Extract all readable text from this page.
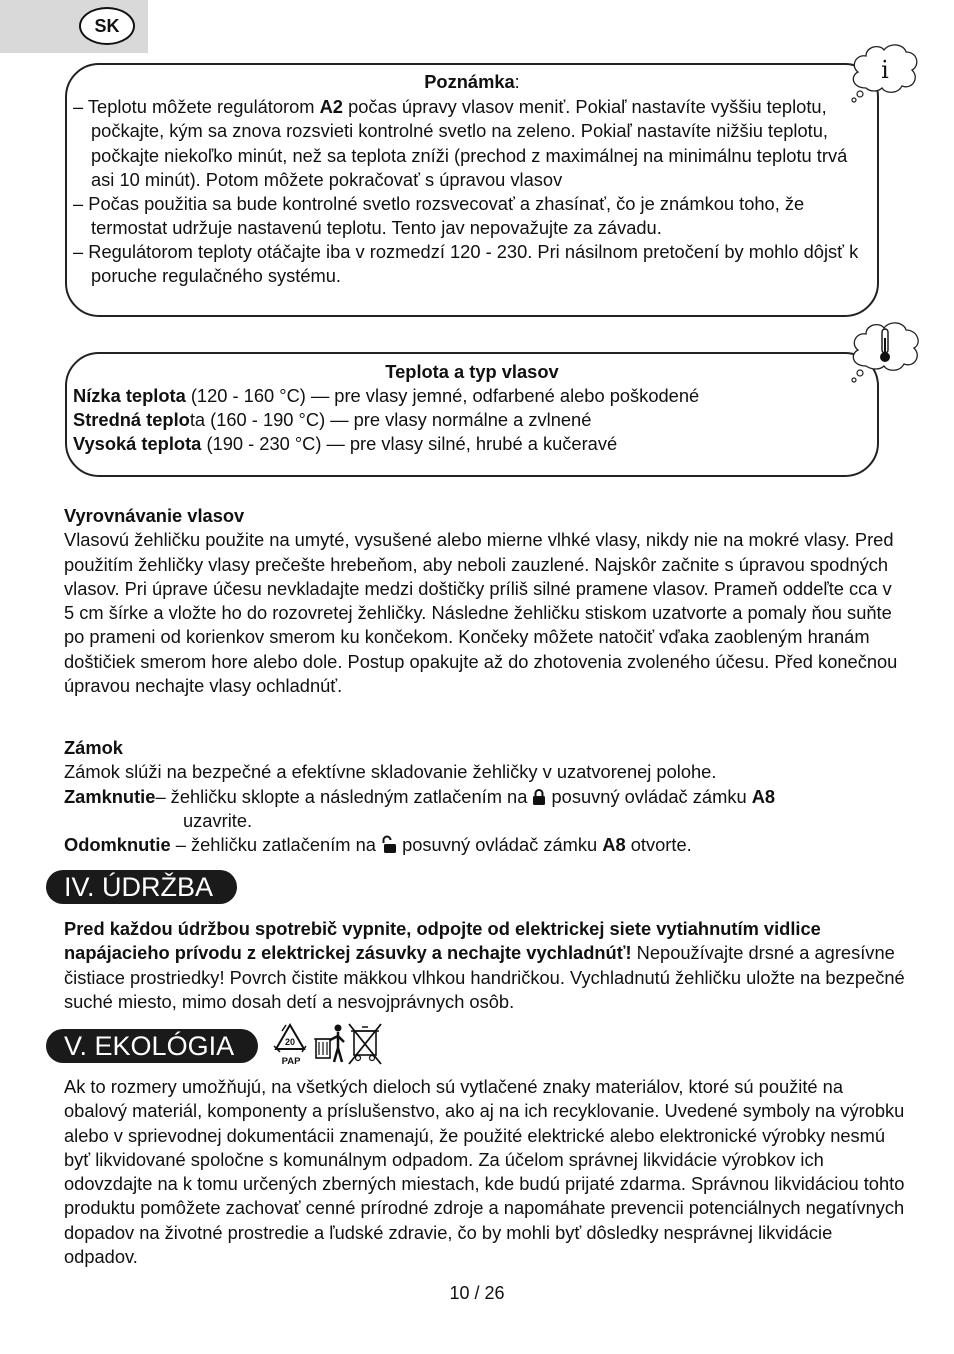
SK
Poznámka:
– Teplotu môžete regulátorom A2 počas úpravy vlasov meniť. Pokiaľ nastavíte vyššiu teplotu, počkajte, kým sa znova rozsvieti kontrolné svetlo na zeleno. Pokiaľ nastavíte nižšiu teplotu, počkajte niekoľko minút, než sa teplota zníži (prechod z maximálnej na minimálnu teplotu trvá asi 10 minút). Potom môžete pokračovať s úpravou vlasov
– Počas použitia sa bude kontrolné svetlo rozsvecovať a zhasínať, čo je známkou toho, že termostat udržuje nastavenú teplotu. Tento jav nepovažujte za závadu.
– Regulátorom teploty otáčajte iba v rozmedzí 120 - 230. Pri násilnom pretočení by mohlo dôjsť k poruche regulačného systému.
i
Teplota a typ vlasov
Nízka teplota (120 - 160 °C) — pre vlasy jemné, odfarbené alebo poškodené
Stredná teplota (160 - 190 °C) — pre vlasy normálne a zvlnené
Vysoká teplota (190 - 230 °C) — pre vlasy silné, hrubé a kučeravé

Vyrovnávanie vlasov

Vlasovú žehličku použite na umyté, vysušené alebo mierne vlhké vlasy, nikdy nie na mokré vlasy. Pred použitím žehličky vlasy prečešte hrebeňom, aby neboli zauzlené. Najskôr začnite s úpravou spodných vlasov. Pri úprave účesu nevkladajte medzi doštičky príliš silné pramene vlasov. Prameň oddeľte cca v 5 cm šírke a vložte ho do rozovretej žehličky. Následne žehličku stiskom uzatvorte a pomaly ňou suňte po prameni od korienkov smerom ku končekom. Končeky môžete natočiť vďaka zaobleným hranám doštičiek smerom hore alebo dole. Postup opakujte až do zhotovenia zvoleného účesu. Před konečnou úpravou nechajte vlasy ochladnúť.

Zámok

Zámok slúži na bezpečné a efektívne skladovanie žehličky v uzatvorenej polohe.

Zamknutie– žehličku sklopte a následným zatlačením na  posuvný ovládač zámku A8

uzavrite.

Odomknutie – žehličku zatlačením na  posuvný ovládač zámku A8 otvorte.

IV. ÚDRŽBA

Pred každou údržbou spotrebič vypnite, odpojte od elektrickej siete vytiahnutím vidlice napájacieho prívodu z elektrickej zásuvky a nechajte vychladnúť! Nepoužívajte drsné a agresívne čistiace prostriedky! Povrch čistite mäkkou vlhkou handričkou. Vychladnutú žehličku uložte na bezpečné suché miesto, mimo dosah detí a nesvojprávnych osôb.

V. EKOLÓGIA	20
PAP

Ak to rozmery umožňujú, na všetkých dieloch sú vytlačené znaky materiálov, ktoré sú použité na obalový materiál, komponenty a príslušenstvo, ako aj na ich recyklovanie. Uvedené symboly na výrobku alebo v sprievodnej dokumentácii znamenajú, že použité elektrické alebo elektronické výrobky nesmú byť likvidované spoločne s komunálnym odpadom. Za účelom správnej likvidácie výrobkov ich odovzdajte na k tomu určených zberných miestach, kde budú prijaté zdarma. Správnou likvidáciou tohto produktu pomôžete zachovať cenné prírodné zdroje a napomáhate prevencii potenciálnych negatívnych dopadov na životné prostredie a ľudské zdravie, čo by mohli byť dôsledky nesprávnej likvidácie odpadov.

10 / 26
